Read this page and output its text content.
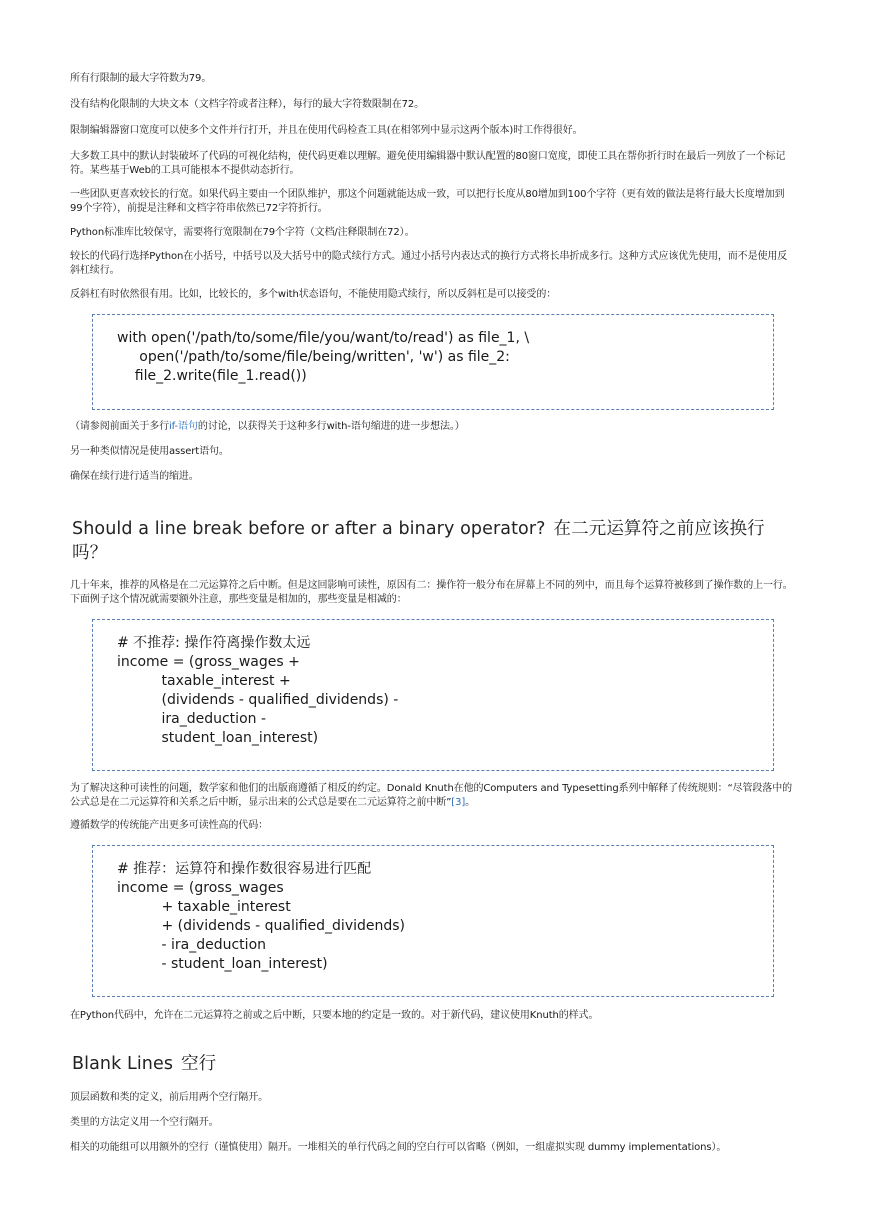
所有行限制的最大字符数为79。

没有结构化限制的大块文本（文档字符或者注释），每行的最大字符数限制在72。

限制编辑器窗口宽度可以使多个文件并行打开，并且在使用代码检查工具(在相邻列中显示这两个版本)时工作得很好。

大多数工具中的默认封装破坏了代码的可视化结构，使代码更难以理解。避免使用编辑器中默认配置的80窗口宽度，即使工具在帮你折行时在最后一列放了一个标记符。某些基于Web的工具可能根本不提供动态折行。

一些团队更喜欢较长的行宽。如果代码主要由一个团队维护，那这个问题就能达成一致，可以把行长度从80增加到100个字符（更有效的做法是将行最大长度增加到99个字符），前提是注释和文档字符串依然已72字符折行。

Python标准库比较保守，需要将行宽限制在79个字符（文档/注释限制在72）。

较长的代码行选择Python在小括号，中括号以及大括号中的隐式续行方式。通过小括号内表达式的换行方式将长串折成多行。这种方式应该优先使用，而不是使用反斜杠续行。

反斜杠有时依然很有用。比如，比较长的，多个with状态语句，不能使用隐式续行，所以反斜杠是可以接受的：

with open('/path/to/some/file/you/want/to/read') as file_1, \
open('/path/to/some/file/being/written', 'w') as file_2:
file_2.write(file_1.read())

（请参阅前面关于多行if-语句的讨论，以获得关于这种多行with-语句缩进的进一步想法。）

另一种类似情况是使用assert语句。

确保在续行进行适当的缩进。

Should a line break before or after a binary operator? 在二元运算符之前应该换行吗？

几十年来，推荐的风格是在二元运算符之后中断。但是这回影响可读性，原因有二：操作符一般分布在屏幕上不同的列中，而且每个运算符被移到了操作数的上一行。下面例子这个情况就需要额外注意，那些变量是相加的，那些变量是相减的：

# 不推荐: 操作符离操作数太远
income = (gross_wages +
taxable_interest +
(dividends - qualified_dividends) -
ira_deduction -
student_loan_interest)

为了解决这种可读性的问题，数学家和他们的出版商遵循了相反的约定。Donald Knuth在他的Computers and Typesetting系列中解释了传统规则：“尽管段落中的公式总是在二元运算符和关系之后中断，显示出来的公式总是要在二元运算符之前中断”[3]。

遵循数学的传统能产出更多可读性高的代码：

# 推荐：运算符和操作数很容易进行匹配
income = (gross_wages
+ taxable_interest
+ (dividends - qualified_dividends)
- ira_deduction
- student_loan_interest)

在Python代码中，允许在二元运算符之前或之后中断，只要本地的约定是一致的。对于新代码，建议使用Knuth的样式。

Blank Lines 空行

顶层函数和类的定义，前后用两个空行隔开。

类里的方法定义用一个空行隔开。

相关的功能组可以用额外的空行（谨慎使用）隔开。一堆相关的单行代码之间的空白行可以省略（例如，一组虚拟实现 dummy implementations）。
